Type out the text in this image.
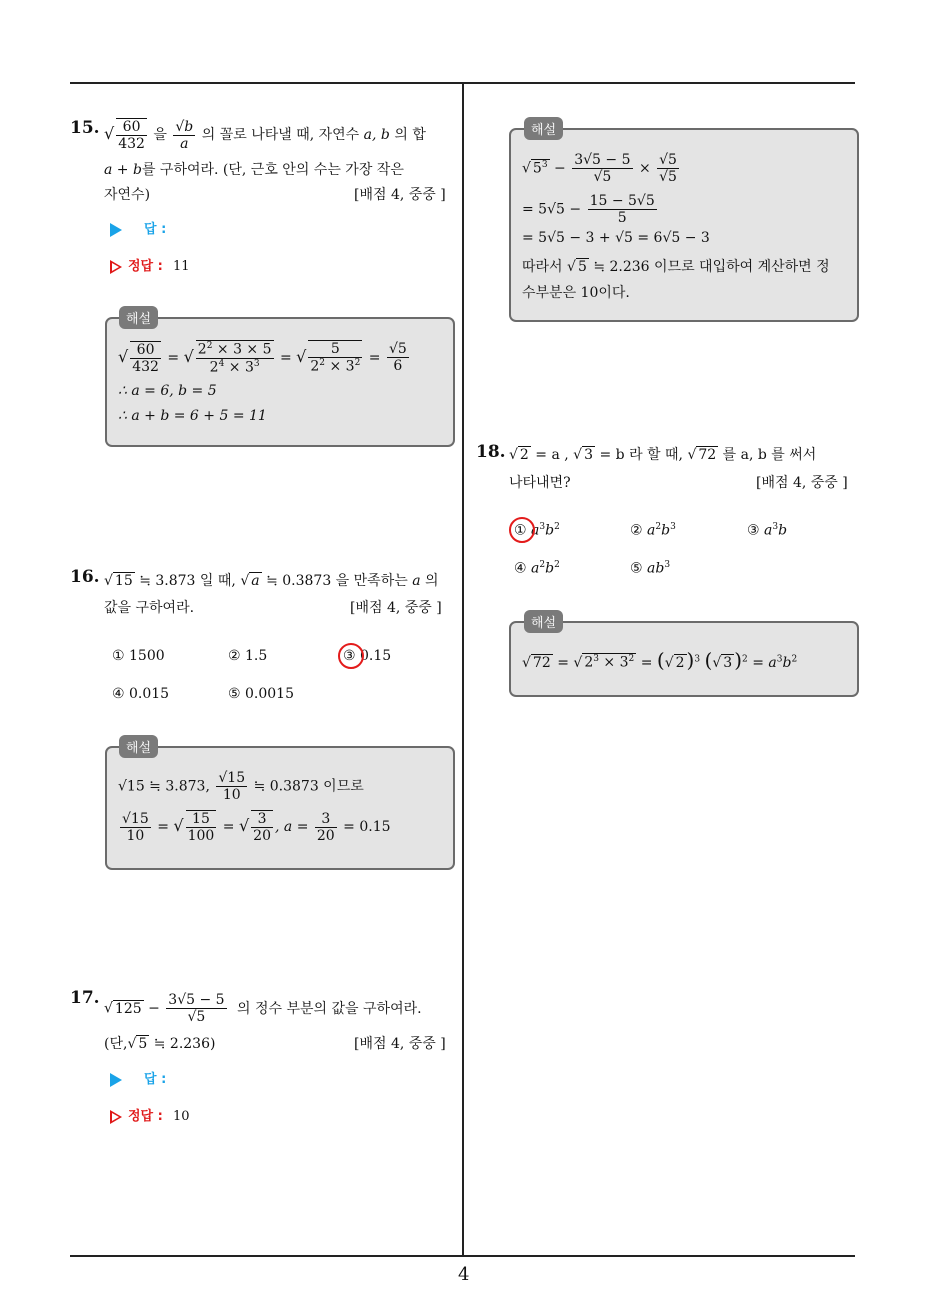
4
15. √ $\frac{60}{432}$ 을 $\frac{√b}{a}$ 의 꼴로 나타낼 때, 자연수 a, b 의 합
a + b를 구하여라. (단, 근호 안의 수는 가장 작은
자연수)	[배점 4, 중중 ]
답 :
정답 : 11
해설
√ $\frac{60}{432}$ = √ $\frac{2^2 \times 3 \times 5}{2^4 \times 3^3}$ = √ $\frac{5}{2^2 \times 3^2} = \frac{√5}{6}$
∴ a = 6, b = 5
∴ a + b = 6 + 5 = 11
16. √ 15 ≒ 3.873 일 때, √ a ≒ 0.3873 을 만족하는 a 의
값을 구하여라.	[배점 4, 중중 ]
① 1500	② 1.5	③ 0.15
④ 0.015	⑤ 0.0015
해설
√15 ≒ 3.873, $\frac{√15}{10}$ ≒ 0.3873 이므로
$\frac{√15}{10}$ = √ $\frac{15}{100}$ = √ $\frac{3}{20}$ , $a = \frac{3}{20} = 0.15$
17.
√ $125 - \frac{3√5 - 5}{√5}$ 의 정수 부분의 값을 구하여라.
(단,√ 5 ≒ 2.236)	[배점 4, 중중 ]
답 :
정답 : 10
해설
√ $5^3 - \frac{3√5 - 5}{√5} \times \frac{√5}{√5}$
= $5√5 - \frac{15 - 5√5}{5}$
= 5√5 − 3 + √5 = 6√5 − 3
따라서 √ 5 ≒ 2.236 이므로 대입하여 계산하면 정
수부분은 10이다.
18. √ 2 = a , √ 3 = b 라 할 때, √ 72 를 a, b 를 써서
나타내면?	[배점 4, 중중 ]
① $a^3b^2$	② $a^2b^3$	③ $a^3b$
④ $a^2b^2$	⑤ $ab^3$
해설
√ 72 = √ $2^3 \times 3^2$ = (√ 2 )$^3$ (√ 3 )$^2 = a^3b^2$
